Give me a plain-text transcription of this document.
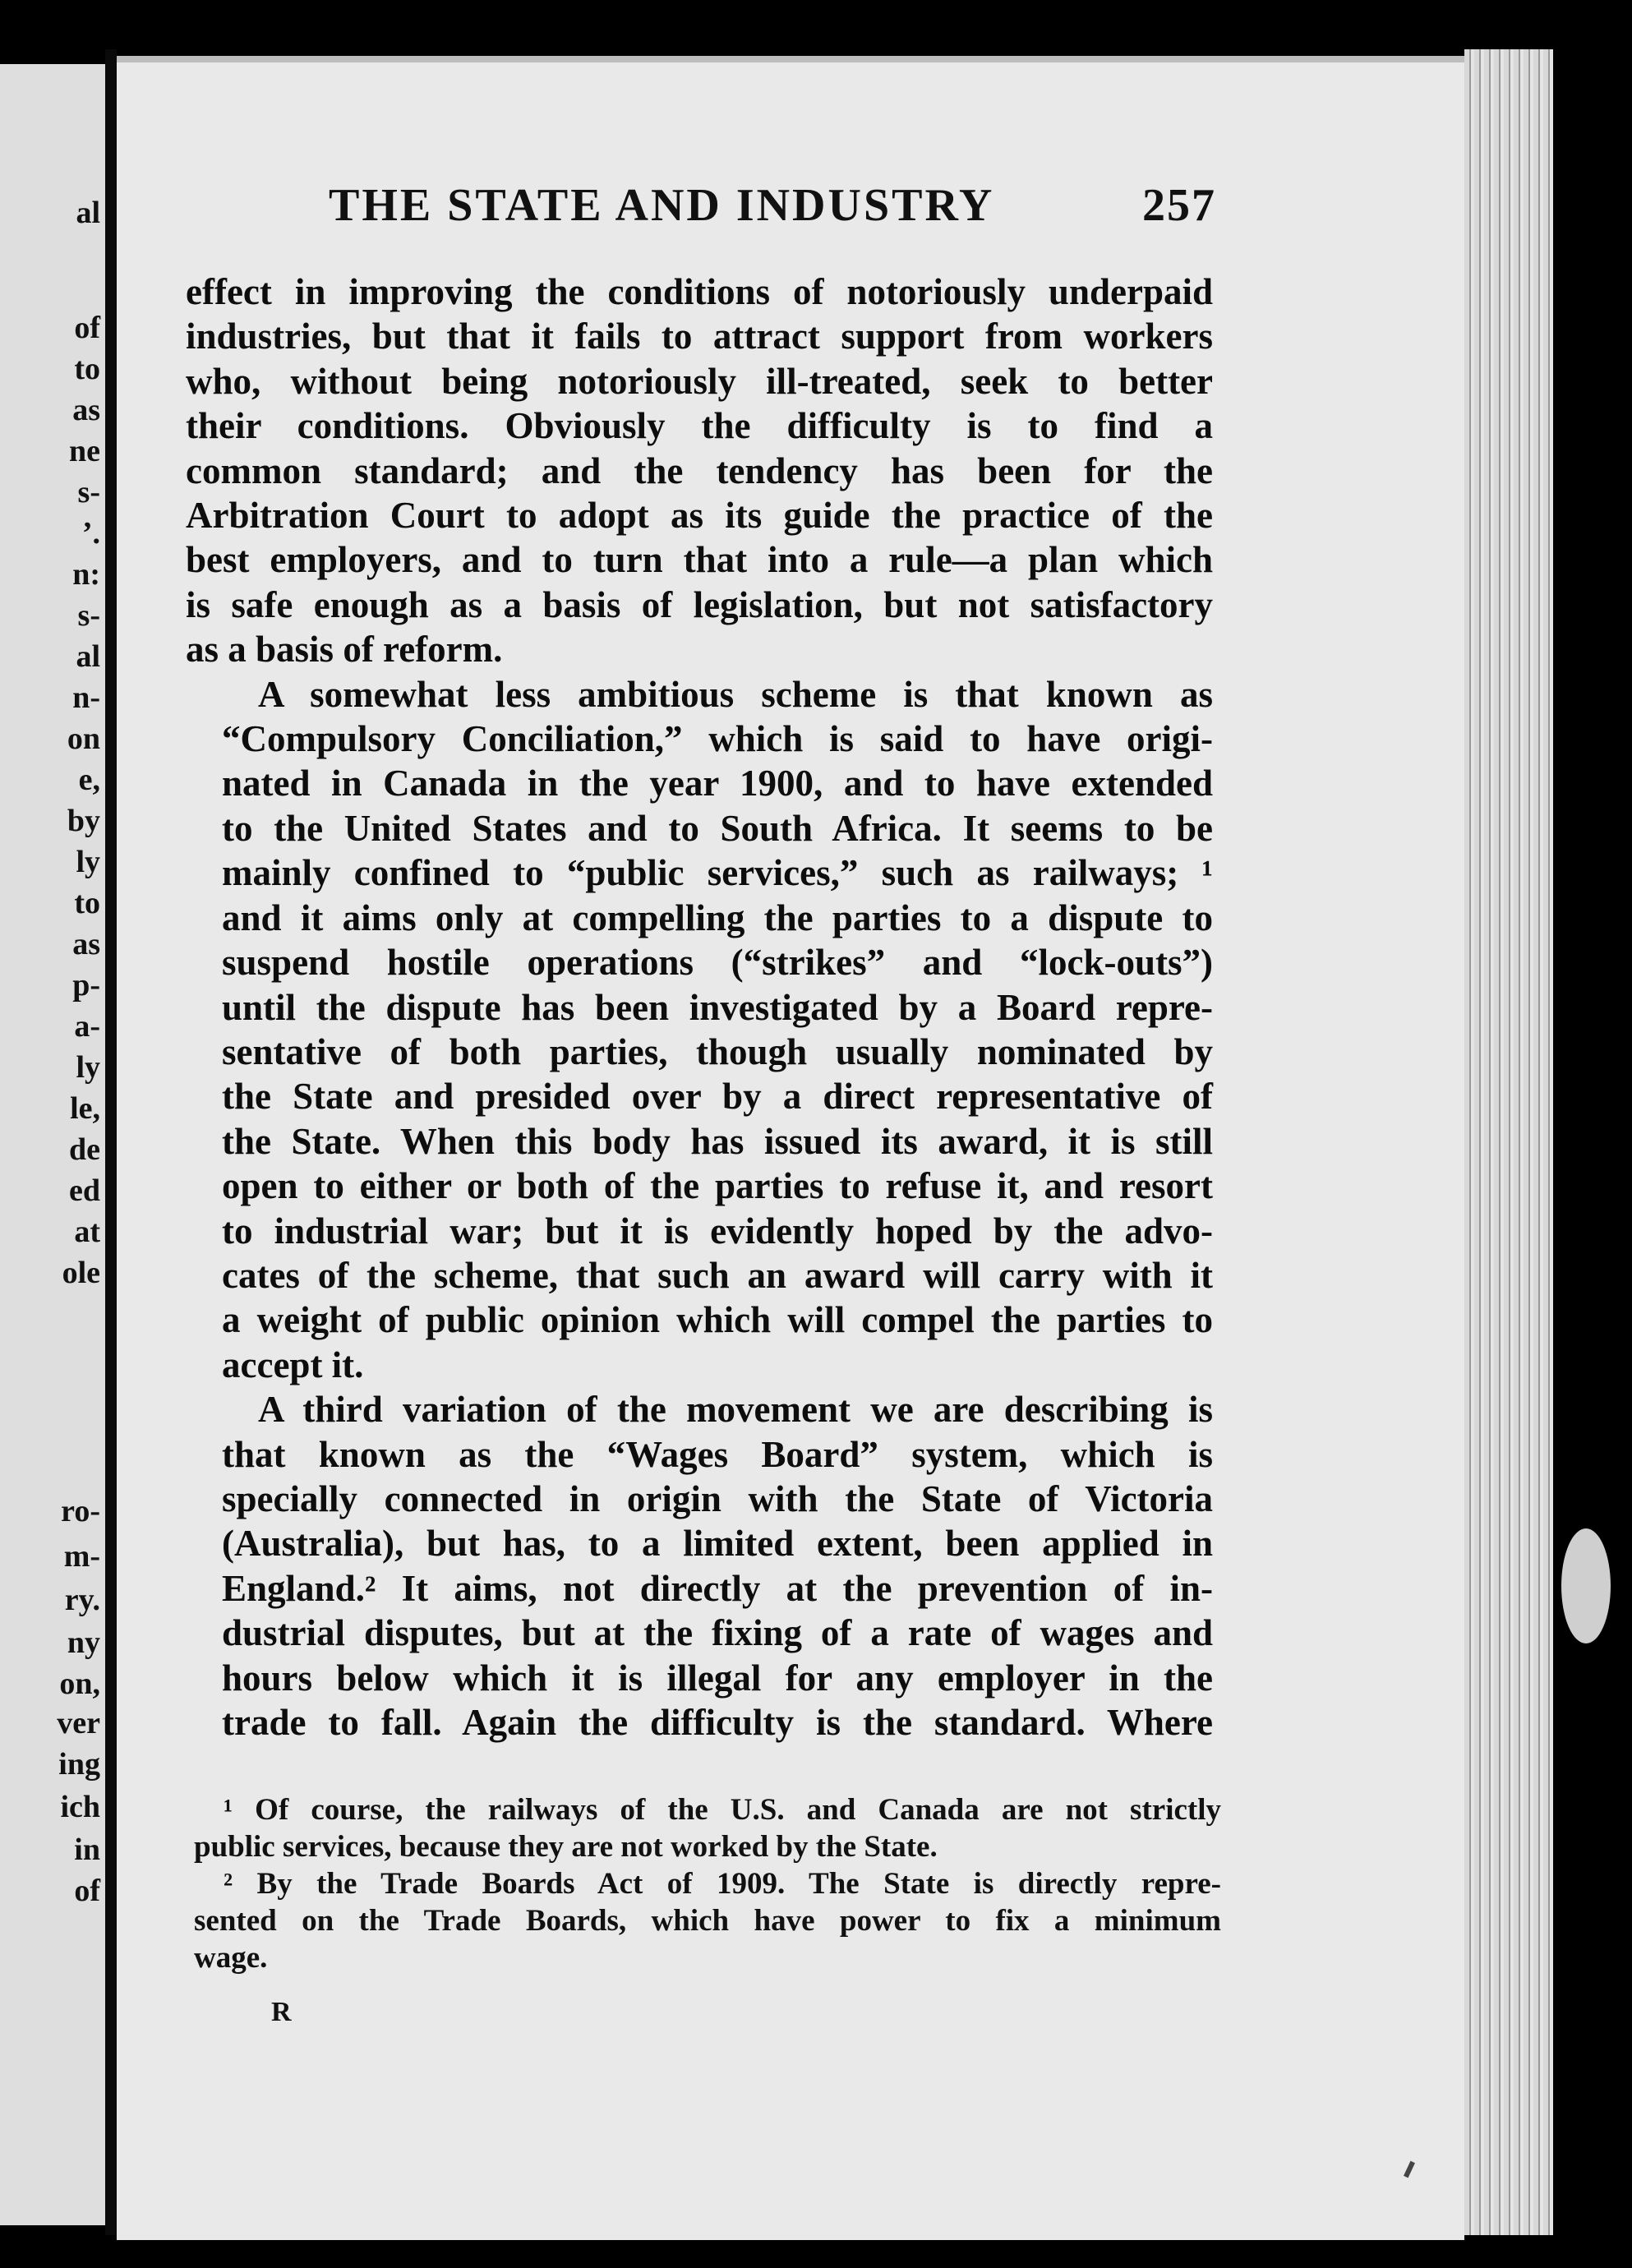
al
of
to
as
ne
s-
’.
n:
s-
al
n-
on
e,
by
ly
to
as
p-
a-
ly
le,
de
ed
at
ole
ro-
m-
ry.
ny
on,
ver
ing
ich
in
of
THE STATE AND INDUSTRY	257

effect in improving the conditions of notoriously underpaid
industries, but that it fails to attract support from workers
who, without being notoriously ill-treated, seek to better
their conditions. Obviously the difficulty is to find a
common standard; and the tendency has been for the
Arbitration Court to adopt as its guide the practice of the
best employers, and to turn that into a rule—a plan which
is safe enough as a basis of legislation, but not satisfactory
as a basis of reform.

A somewhat less ambitious scheme is that known as
“Compulsory Conciliation,” which is said to have origi-
nated in Canada in the year 1900, and to have extended
to the United States and to South Africa. It seems to be
mainly confined to “public services,” such as railways; ¹
and it aims only at compelling the parties to a dispute to
suspend hostile operations (“strikes” and “lock-outs”)
until the dispute has been investigated by a Board repre-
sentative of both parties, though usually nominated by
the State and presided over by a direct representative of
the State. When this body has issued its award, it is still
open to either or both of the parties to refuse it, and resort
to industrial war; but it is evidently hoped by the advo-
cates of the scheme, that such an award will carry with it
a weight of public opinion which will compel the parties to
accept it.

A third variation of the movement we are describing is
that known as the “Wages Board” system, which is
specially connected in origin with the State of Victoria
(Australia), but has, to a limited extent, been applied in
England.² It aims, not directly at the prevention of in-
dustrial disputes, but at the fixing of a rate of wages and
hours below which it is illegal for any employer in the
trade to fall. Again the difficulty is the standard. Where

¹ Of course, the railways of the U.S. and Canada are not strictly
public services, because they are not worked by the State.
² By the Trade Boards Act of 1909. The State is directly repre-
sented on the Trade Boards, which have power to fix a minimum
wage.
R
